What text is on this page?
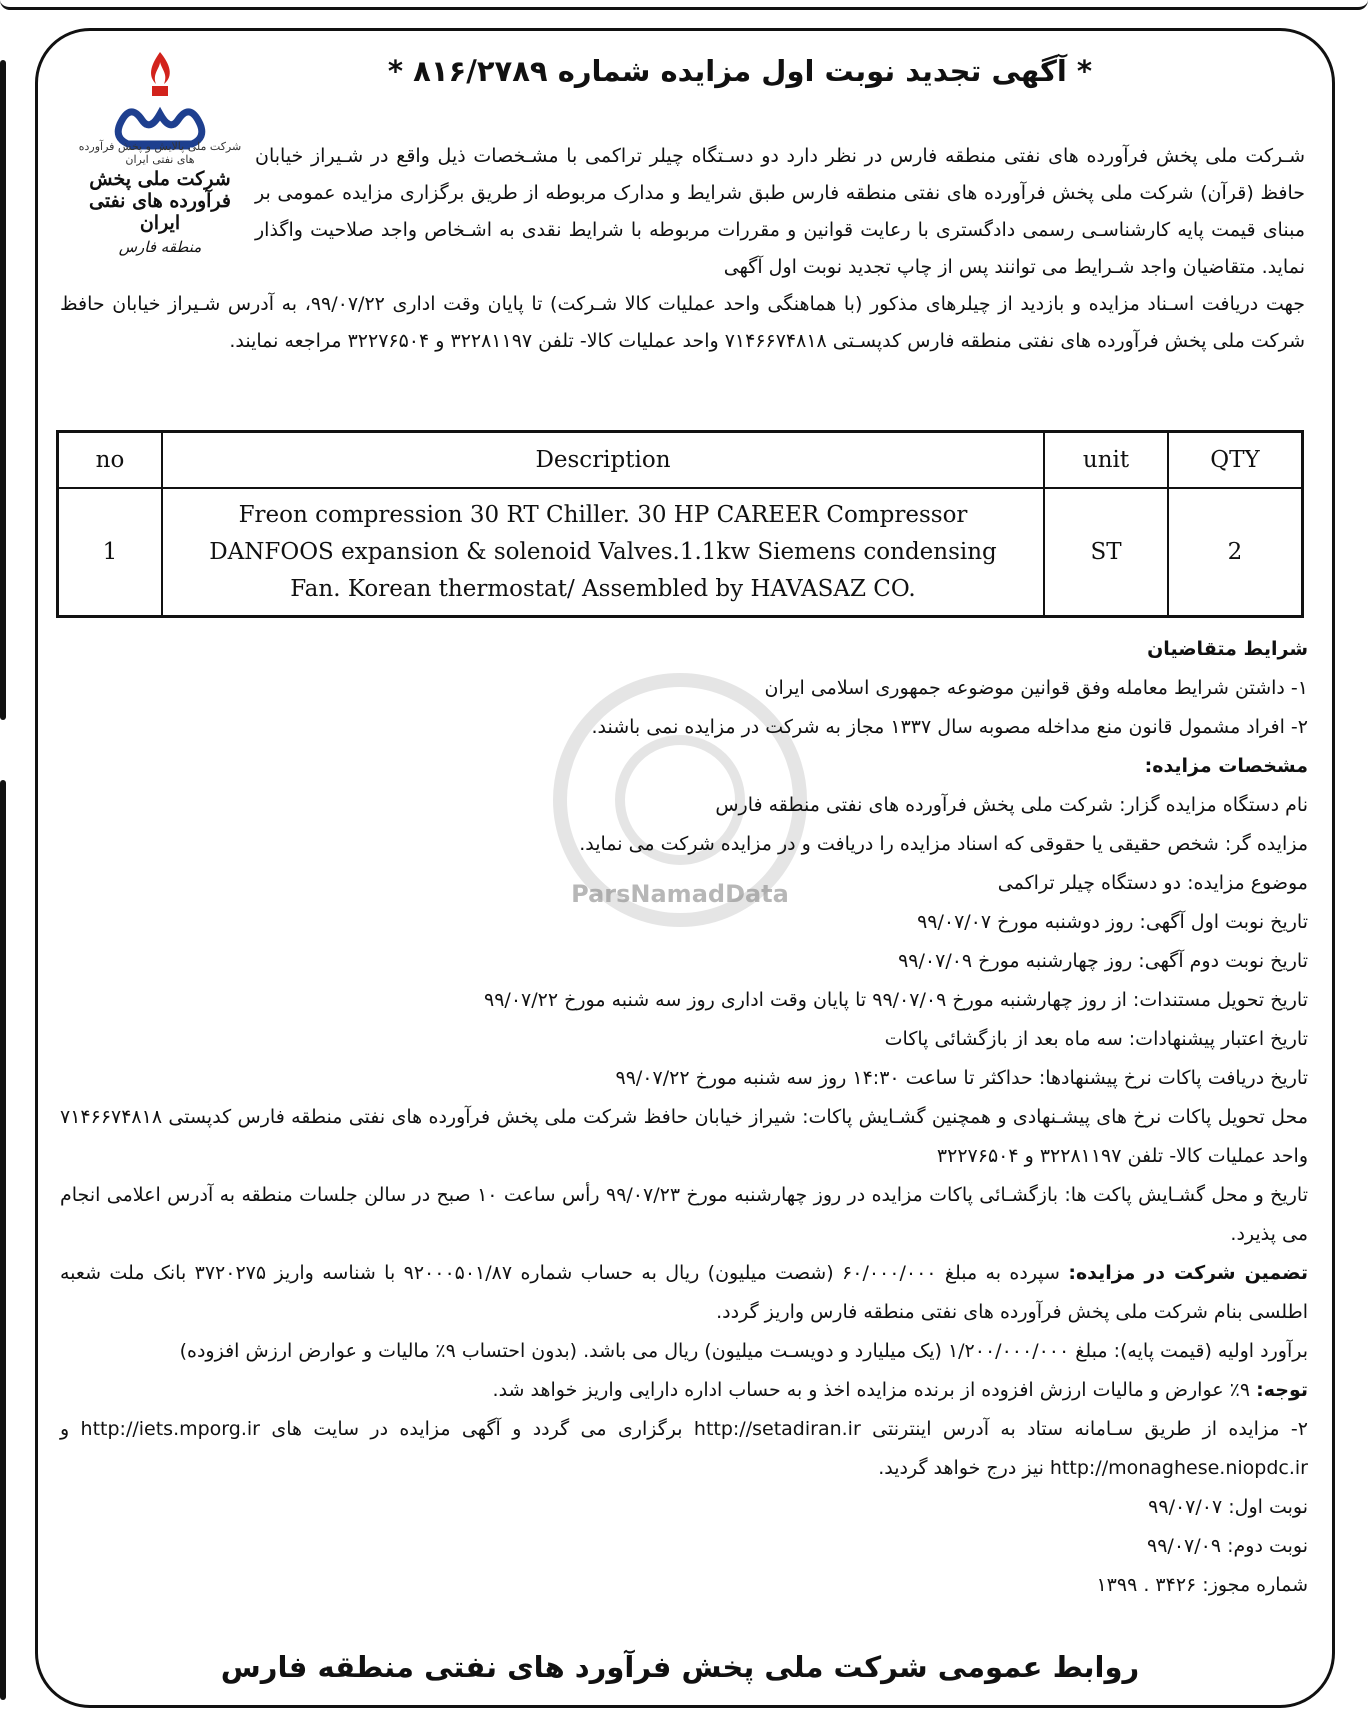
شرکت ملی پالایش و پخش فرآورده های نفتی ایران
شرکت ملی پخش فرآورده های نفتی ایران
منطقه فارس
* آگهی تجدید نوبت اول مزایده شماره ۸۱۶/۲۷۸۹ *
شـرکت ملی پخش فرآورده های نفتی منطقه فارس در نظر دارد دو دسـتگاه چیلر تراکمی با مشـخصات ذیل واقع در شـیراز خیابان حافظ (قرآن) شرکت ملی پخش فرآورده های نفتی منطقه فارس طبق شرایط و مدارک مربوطه از طریق برگزاری مزایده عمومی بر مبنای قیمت پایه کارشناسـی رسمی دادگستری با رعایت قوانین و مقررات مربوطه با شرایط نقدی به اشـخاص واجد صلاحیت واگذار نماید. متقاضیان واجد شـرایط می توانند پس از چاپ تجدید نوبت اول آگهی
جهت دریافت اسـناد مزایده و بازدید از چیلرهای مذکور (با هماهنگی واحد عملیات کالا شـرکت) تا پایان وقت اداری ۹۹/۰۷/۲۲، به آدرس شـیراز خیابان حافظ شرکت ملی پخش فرآورده های نفتی منطقه فارس کدپسـتی ۷۱۴۶۶۷۴۸۱۸ واحد عملیات کالا- تلفن ۳۲۲۸۱۱۹۷ و ۳۲۲۷۶۵۰۴ مراجعه نمایند.
no	Description	unit	QTY
1	Freon compression 30 RT Chiller. 30 HP CAREER Compressor
DANFOOS expansion & solenoid Valves.1.1kw Siemens condensing
Fan. Korean thermostat/ Assembled by HAVASAZ CO.	ST	2
ParsNamadData
شرایط متقاضیان
۱- داشتن شرایط معامله وفق قوانین موضوعه جمهوری اسلامی ایران
۲- افراد مشمول قانون منع مداخله مصوبه سال ۱۳۳۷ مجاز به شرکت در مزایده نمی باشند.
مشخصات مزایده:
نام دستگاه مزایده گزار: شرکت ملی پخش فرآورده های نفتی منطقه فارس
مزایده گر: شخص حقیقی یا حقوقی که اسناد مزایده را دریافت و در مزایده شرکت می نماید.
موضوع مزایده: دو دستگاه چیلر تراکمی
تاریخ نوبت اول آگهی: روز دوشنبه مورخ ۹۹/۰۷/۰۷
تاریخ نوبت دوم آگهی: روز چهارشنبه مورخ ۹۹/۰۷/۰۹
تاریخ تحویل مستندات: از روز چهارشنبه مورخ ۹۹/۰۷/۰۹ تا پایان وقت اداری روز سه شنبه مورخ ۹۹/۰۷/۲۲
تاریخ اعتبار پیشنهادات: سه ماه بعد از بازگشائی پاکات
تاریخ دریافت پاکات نرخ پیشنهادها: حداکثر تا ساعت ۱۴:۳۰ روز سه شنبه مورخ ۹۹/۰۷/۲۲
محل تحویل پاکات نرخ های پیشـنهادی و همچنین گشـایش پاکات: شیراز خیابان حافظ شرکت ملی پخش فرآورده های نفتی منطقه فارس کدپستی ۷۱۴۶۶۷۴۸۱۸ واحد عملیات کالا- تلفن ۳۲۲۸۱۱۹۷ و ۳۲۲۷۶۵۰۴
تاریخ و محل گشـایش پاکت ها: بازگشـائی پاکات مزایده در روز چهارشنبه مورخ ۹۹/۰۷/۲۳ رأس ساعت ۱۰ صبح در سالن جلسات منطقه به آدرس اعلامی انجام می پذیرد.
تضمین شرکت در مزایده: سپرده به مبلغ ۶۰/۰۰۰/۰۰۰ (شصت میلیون) ریال به حساب شماره ۹۲۰۰۰۵۰۱/۸۷ با شناسه واریز ۳۷۲۰۲۷۵ بانک ملت شعبه اطلسی بنام شرکت ملی پخش فرآورده های نفتی منطقه فارس واریز گردد.
برآورد اولیه (قیمت پایه): مبلغ ۱/۲۰۰/۰۰۰/۰۰۰ (یک میلیارد و دویسـت میلیون) ریال می باشد. (بدون احتساب ۹٪ مالیات و عوارض ارزش افزوده)
توجه: ۹٪ عوارض و مالیات ارزش افزوده از برنده مزایده اخذ و به حساب اداره دارایی واریز خواهد شد.
۲- مزایده از طریق سـامانه ستاد به آدرس اینترنتی http://setadiran.ir برگزاری می گردد و آگهی مزایده در سایت های http://iets.mporg.ir و http://monaghese.niopdc.ir نیز درج خواهد گردید.
نوبت اول: ۹۹/۰۷/۰۷
نوبت دوم: ۹۹/۰۷/۰۹
شماره مجوز: ۳۴۲۶ . ۱۳۹۹
روابط عمومی شرکت ملی پخش فرآورد های نفتی منطقه فارس
